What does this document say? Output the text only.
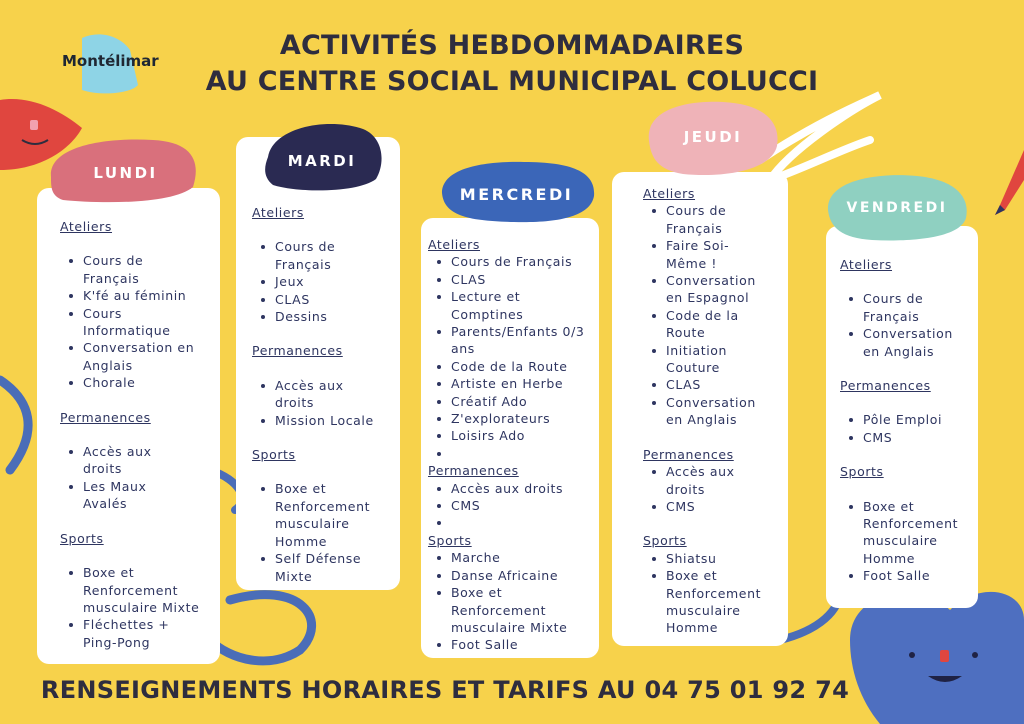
Montélimar	ACTIVITÉS HEBDOMMADAIRES
AU CENTRE SOCIAL MUNICIPAL COLUCCI
Ateliers
Cours de Français
K'fé au féminin
Cours Informatique
Conversation en Anglais
Chorale
Permanences
Accès aux droits
Les Maux Avalés
Sports
Boxe et Renforcement musculaire Mixte
Fléchettes + Ping-Pong
LUNDI
Ateliers
Cours de Français
Jeux
CLAS
Dessins
Permanences
Accès aux droits
Mission Locale
Sports
Boxe et Renforcement musculaire Homme
Self Défense Mixte
MARDI
Ateliers
Cours de Français
CLAS
Lecture et Comptines
Parents/Enfants 0/3 ans
Code de la Route
Artiste en Herbe
Créatif Ado
Z'explorateurs
Loisirs Ado
Permanences
Accès aux droits
CMS
Sports
Marche
Danse Africaine
Boxe et Renforcement musculaire Mixte
Foot Salle
MERCREDI	Ateliers
Cours de Français
Faire Soi-Même !
Conversation en Espagnol
Code de la Route
Initiation Couture
CLAS
Conversation en Anglais
Permanences
Accès aux droits
CMS
Sports
Shiatsu
Boxe et Renforcement musculaire Homme
JEUDI
Ateliers
Cours de Français
Conversation en Anglais
Permanences
Pôle Emploi
CMS
Sports
Boxe et Renforcement musculaire Homme
Foot Salle
VENDREDI
RENSEIGNEMENTS HORAIRES ET TARIFS AU 04 75 01 92 74
